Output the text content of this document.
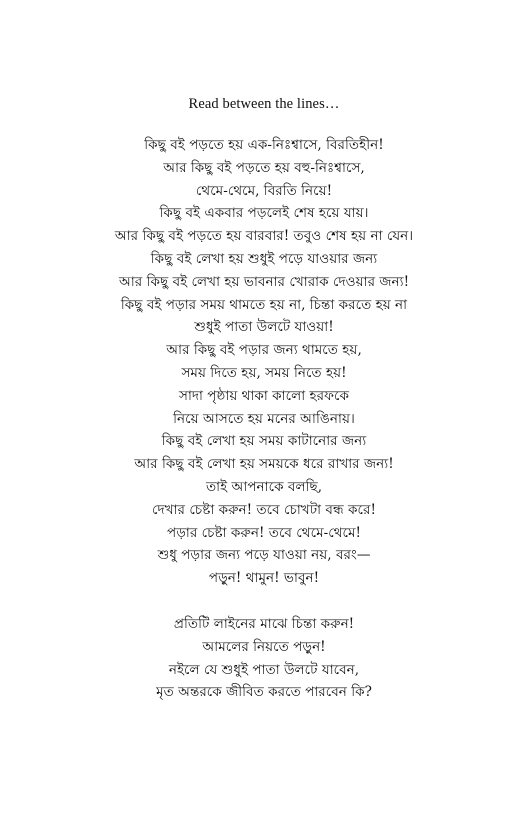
Read between the lines…
কিছু বই পড়তে হয় এক-নিঃশ্বাসে, বিরতিহীন!
আর কিছু বই পড়তে হয় বহু-নিঃশ্বাসে,
থেমে-থেমে, বিরতি নিয়ে!
কিছু বই একবার পড়লেই শেষ হয়ে যায়।
আর কিছু বই পড়তে হয় বারবার! তবুও শেষ হয় না যেন।
কিছু বই লেখা হয় শুধুই পড়ে যাওয়ার জন্য
আর কিছু বই লেখা হয় ভাবনার খোরাক দেওয়ার জন্য!
কিছু বই পড়ার সময় থামতে হয় না, চিন্তা করতে হয় না
শুধুই পাতা উলটে যাওয়া!
আর কিছু বই পড়ার জন্য থামতে হয়,
সময় দিতে হয়, সময় নিতে হয়!
সাদা পৃষ্ঠায় থাকা কালো হরফকে
নিয়ে আসতে হয় মনের আঙিনায়।
কিছু বই লেখা হয় সময় কাটানোর জন্য
আর কিছু বই লেখা হয় সময়কে ধরে রাখার জন্য!
তাই আপনাকে বলছি,
দেখার চেষ্টা করুন! তবে চোখটা বন্ধ করে!
পড়ার চেষ্টা করুন! তবে থেমে-থেমে!
শুধু পড়ার জন্য পড়ে যাওয়া নয়, বরং—
পড়ুন! থামুন! ভাবুন!
প্রতিটি লাইনের মাঝে চিন্তা করুন!
আমলের নিয়তে পড়ুন!
নইলে যে শুধুই পাতা উলটে যাবেন,
মৃত অন্তরকে জীবিত করতে পারবেন কি?
